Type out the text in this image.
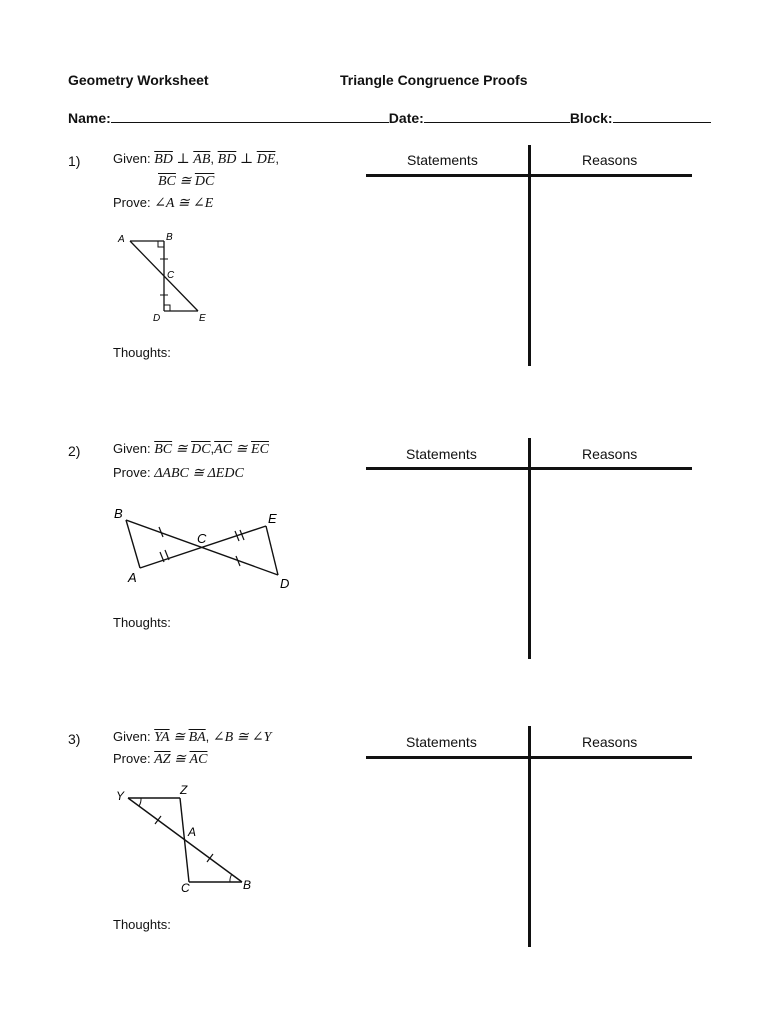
Geometry Worksheet	Triangle Congruence Proofs
Name:	Date:	Block:
1)	Given: $\overline{BD}$ ⊥ $\overline{AB}$, $\overline{BD}$ ⊥ $\overline{DE}$,
$\overline{BC}$ ≅ $\overline{DC}$
Prove: ∠A ≅ ∠E
A	B
C
D	E
Thoughts:
Statements	Reasons
2)	Given: $\overline{BC}$ ≅ $\overline{DC},\overline{AC}$ ≅ $\overline{EC}$
Prove: ΔABC ≅ ΔEDC
B	E
C
A	D
Thoughts:
Statements	Reasons
3)	Given: $\overline{YA}$ ≅ $\overline{BA}$, ∠B ≅ ∠Y
Prove: $\overline{AZ}$ ≅ $\overline{AC}$
Y	Z
A
C	B
Thoughts:
Statements	Reasons
